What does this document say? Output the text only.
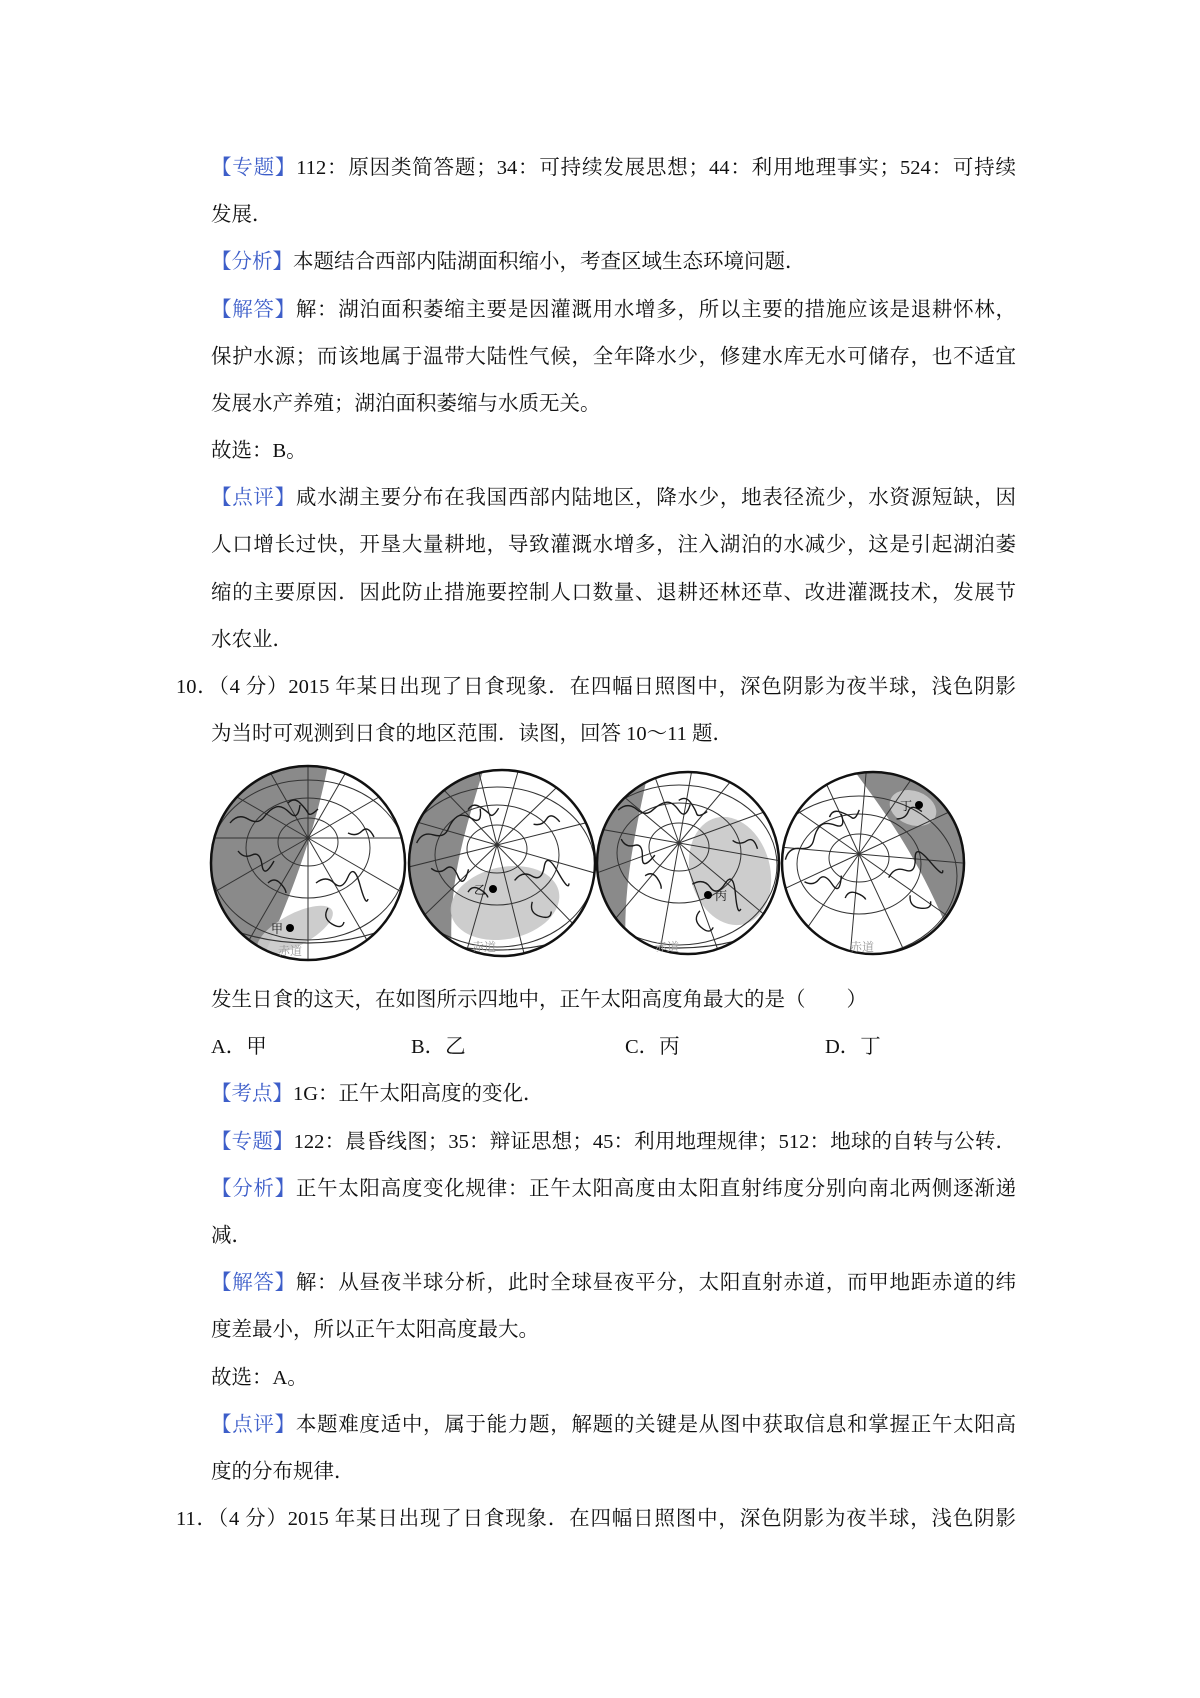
【专题】112：原因类简答题；34：可持续发展思想；44：利用地理事实；524：可持续
发展．
【分析】本题结合西部内陆湖面积缩小，考查区域生态环境问题．
【解答】解：湖泊面积萎缩主要是因灌溉用水增多，所以主要的措施应该是退耕怀林，
保护水源；而该地属于温带大陆性气候，全年降水少，修建水库无水可储存，也不适宜
发展水产养殖；湖泊面积萎缩与水质无关。
故选：B。
【点评】咸水湖主要分布在我国西部内陆地区，降水少，地表径流少，水资源短缺，因
人口增长过快，开垦大量耕地，导致灌溉水增多，注入湖泊的水减少，这是引起湖泊萎
缩的主要原因．因此防止措施要控制人口数量、退耕还林还草、改进灌溉技术，发展节
水农业．
10．（4 分）2015 年某日出现了日食现象．在四幅日照图中，深色阴影为夜半球，浅色阴影
为当时可观测到日食的地区范围．读图，回答 10～11 题．
甲
赤道
乙
赤道
丙
赤道
丁
赤道
发生日食的这天，在如图所示四地中，正午太阳高度角最大的是（　　）
A．甲	B．乙	C．丙	D．丁
【考点】1G：正午太阳高度的变化．
【专题】122：晨昏线图；35：辩证思想；45：利用地理规律；512：地球的自转与公转．
【分析】正午太阳高度变化规律：正午太阳高度由太阳直射纬度分别向南北两侧逐渐递
减．
【解答】解：从昼夜半球分析，此时全球昼夜平分，太阳直射赤道，而甲地距赤道的纬
度差最小，所以正午太阳高度最大。
故选：A。
【点评】本题难度适中，属于能力题，解题的关键是从图中获取信息和掌握正午太阳高
度的分布规律．
11．（4 分）2015 年某日出现了日食现象．在四幅日照图中，深色阴影为夜半球，浅色阴影
